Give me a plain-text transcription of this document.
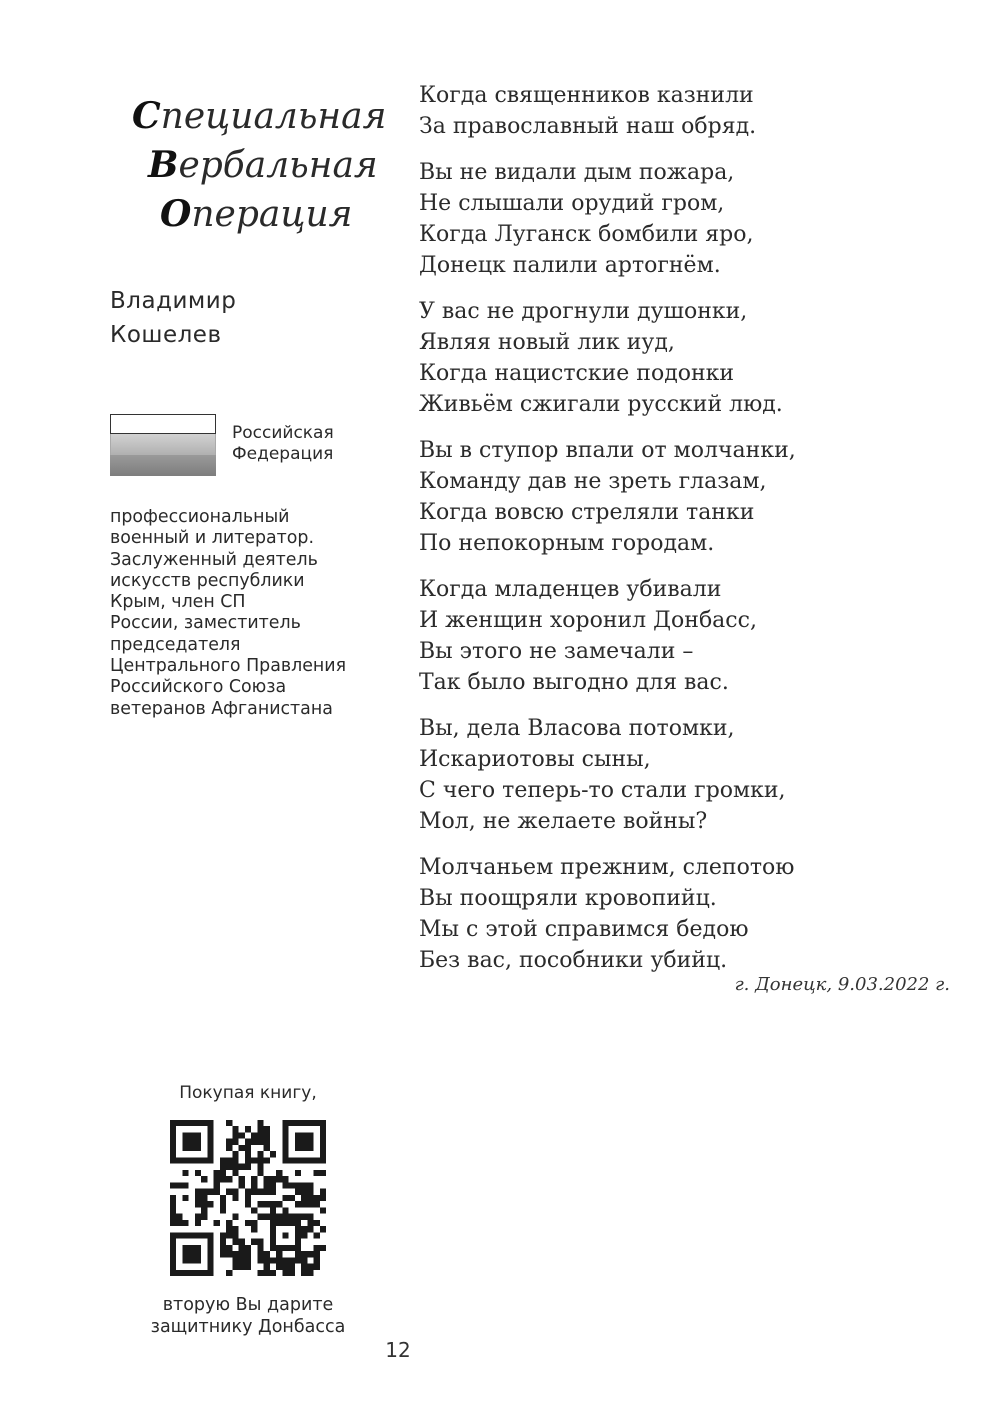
Специальная
Вербальная
Операция
Владимир
Кошелев
Российская
Федерация
профессиональный
военный и литератор.
Заслуженный деятель
искусств республики
Крым, член СП
России, заместитель
председателя
Центрального Правления
Российского Союза
ветеранов Афганистана
Когда священников казнили
За православный наш обряд.
Вы не видали дым пожара,
Не слышали орудий гром,
Когда Луганск бомбили яро,
Донецк палили артогнём.
У вас не дрогнули душонки,
Являя новый лик иуд,
Когда нацистские подонки
Живьём сжигали русский люд.
Вы в ступор впали от молчанки,
Команду дав не зреть глазам,
Когда вовсю стреляли танки
По непокорным городам.
Когда младенцев убивали
И женщин хоронил Донбасс,
Вы этого не замечали –
Так было выгодно для вас.
Вы, дела Власова потомки,
Искариотовы сыны,
С чего теперь-то стали громки,
Мол, не желаете войны?
Молчаньем прежним, слепотою
Вы поощряли кровопийц.
Мы с этой справимся бедою
Без вас, пособники убийц.
г. Донецк, 9.03.2022 г.
Покупая книгу,
вторую Вы дарите
защитнику Донбасса
12
